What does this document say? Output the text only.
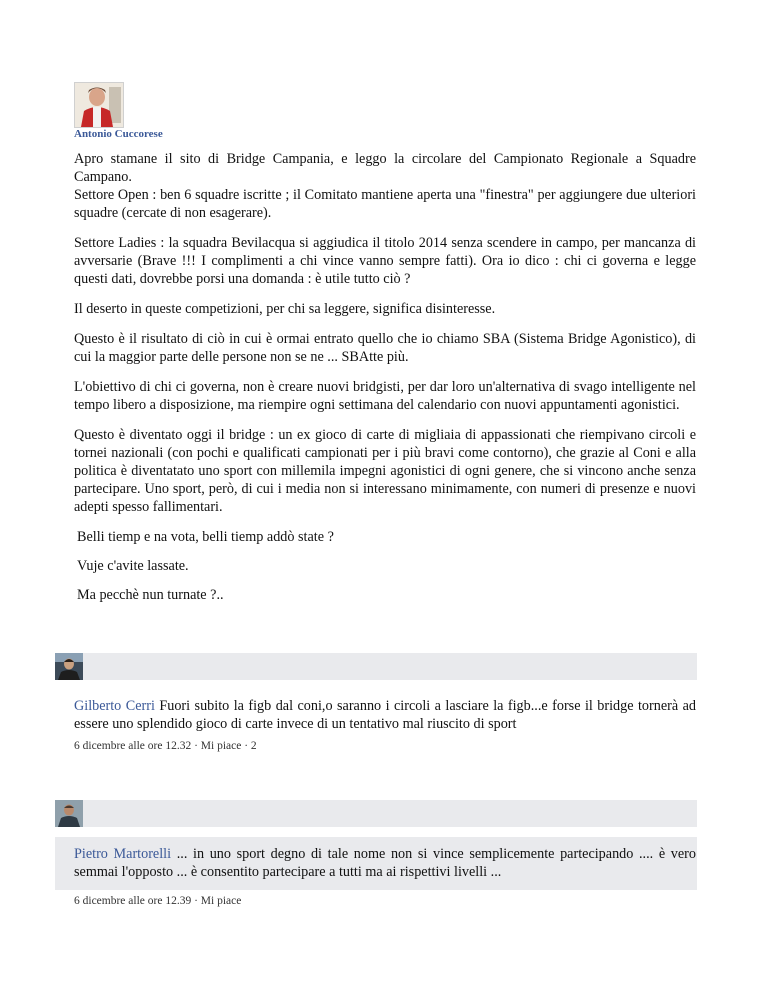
Antonio Cuccorese

Apro stamane il sito di Bridge Campania, e leggo la circolare del Campionato Regionale a Squadre Campano.

Settore Open : ben 6 squadre iscritte ; il Comitato mantiene aperta una "finestra" per aggiungere due ulteriori squadre (cercate di non esagerare).

Settore Ladies : la squadra Bevilacqua si aggiudica il titolo 2014 senza scendere in campo, per mancanza di avversarie (Brave !!! I complimenti a chi vince vanno sempre fatti). Ora io dico : chi ci governa e legge questi dati, dovrebbe porsi una domanda : è utile tutto ciò ?

Il deserto in queste competizioni, per chi sa leggere, significa disinteresse.

Questo è il risultato di ciò in cui è ormai entrato quello che io chiamo SBA (Sistema Bridge Agonistico), di cui la maggior parte delle persone non se ne ... SBAtte più.

L'obiettivo di chi ci governa, non è creare nuovi bridgisti, per dar loro un'alternativa di svago intelligente nel tempo libero a disposizione, ma riempire ogni settimana del calendario con nuovi appuntamenti agonistici.

Questo è diventato oggi il bridge : un ex gioco di carte di migliaia di appassionati che riempivano circoli e tornei nazionali (con pochi e qualificati campionati per i più bravi come contorno), che grazie al Coni e alla politica è diventatato uno sport con millemila impegni agonistici di ogni genere, che si vincono anche senza partecipare. Uno sport, però, di cui i media non si interessano minimamente, con numeri di presenze e nuovi adepti spesso fallimentari.

Belli tiemp e na vota, belli tiemp addò state ?

Vuje c'avite lassate.

Ma pecchè nun turnate ?..

Gilberto Cerri Fuori subito la figb dal coni,o saranno i circoli a lasciare la figb...e forse il bridge tornerà ad essere uno splendido gioco di carte invece di un tentativo mal riuscito di sport
6 dicembre alle ore 12.32 · Mi piace · 2
Pietro Martorelli ... in uno sport degno di tale nome non si vince semplicemente partecipando .... è vero semmai l'opposto ... è consentito partecipare a tutti ma ai rispettivi livelli ...
6 dicembre alle ore 12.39 · Mi piace
